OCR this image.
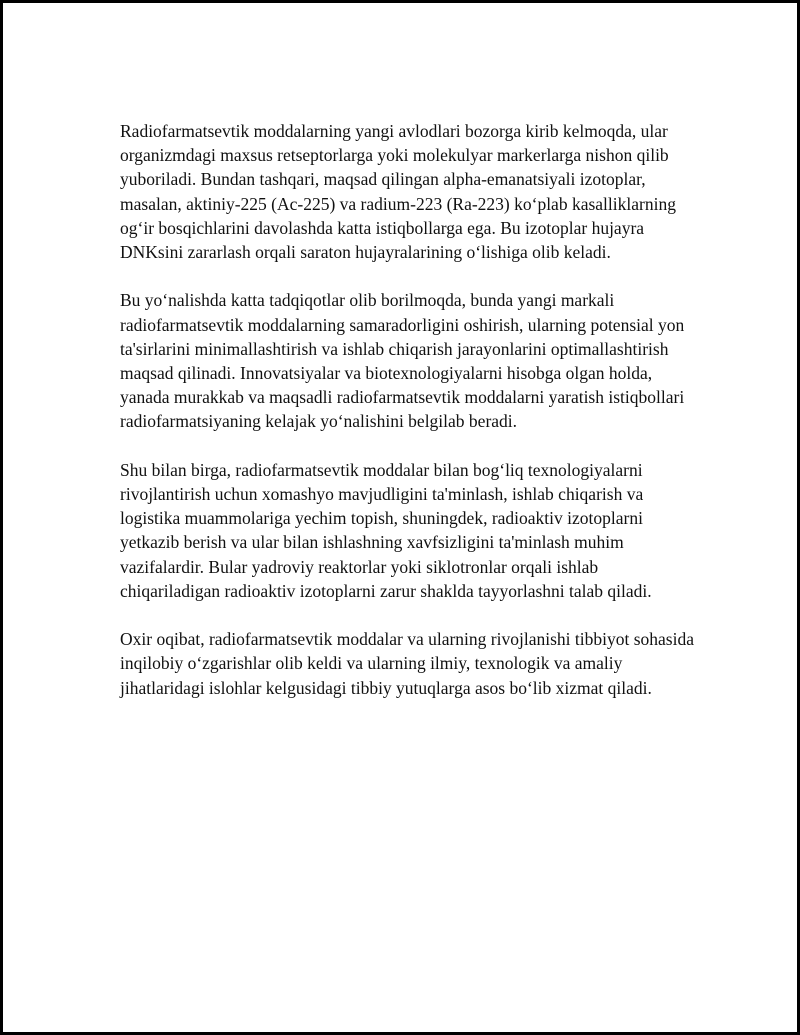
Radiofarmatsevtik moddalarning yangi avlodlari bozorga kirib kelmoqda, ular organizmdagi maxsus retseptorlarga yoki molekulyar markerlarga nishon qilib yuboriladi. Bundan tashqari, maqsad qilingan alpha-emanatsiyali izotoplar, masalan, aktiniy-225 (Ac-225) va radium-223 (Ra-223) ko‘plab kasalliklarning og‘ir bosqichlarini davolashda katta istiqbollarga ega. Bu izotoplar hujayra DNKsini zararlash orqali saraton hujayralarining o‘lishiga olib keladi.

Bu yo‘nalishda katta tadqiqotlar olib borilmoqda, bunda yangi markali radiofarmatsevtik moddalarning samaradorligini oshirish, ularning potensial yon ta'sirlarini minimallashtirish va ishlab chiqarish jarayonlarini optimallashtirish maqsad qilinadi. Innovatsiyalar va biotexnologiyalarni hisobga olgan holda, yanada murakkab va maqsadli radiofarmatsevtik moddalarni yaratish istiqbollari radiofarmatsiyaning kelajak yo‘nalishini belgilab beradi.

Shu bilan birga, radiofarmatsevtik moddalar bilan bog‘liq texnologiyalarni rivojlantirish uchun xomashyo mavjudligini ta'minlash, ishlab chiqarish va logistika muammolariga yechim topish, shuningdek, radioaktiv izotoplarni yetkazib berish va ular bilan ishlashning xavfsizligini ta'minlash muhim vazifalardir. Bular yadroviy reaktorlar yoki siklotronlar orqali ishlab chiqariladigan radioaktiv izotoplarni zarur shaklda tayyorlashni talab qiladi.

Oxir oqibat, radiofarmatsevtik moddalar va ularning rivojlanishi tibbiyot sohasida inqilobiy o‘zgarishlar olib keldi va ularning ilmiy, texnologik va amaliy jihatlaridagi islohlar kelgusidagi tibbiy yutuqlarga asos bo‘lib xizmat qiladi.
